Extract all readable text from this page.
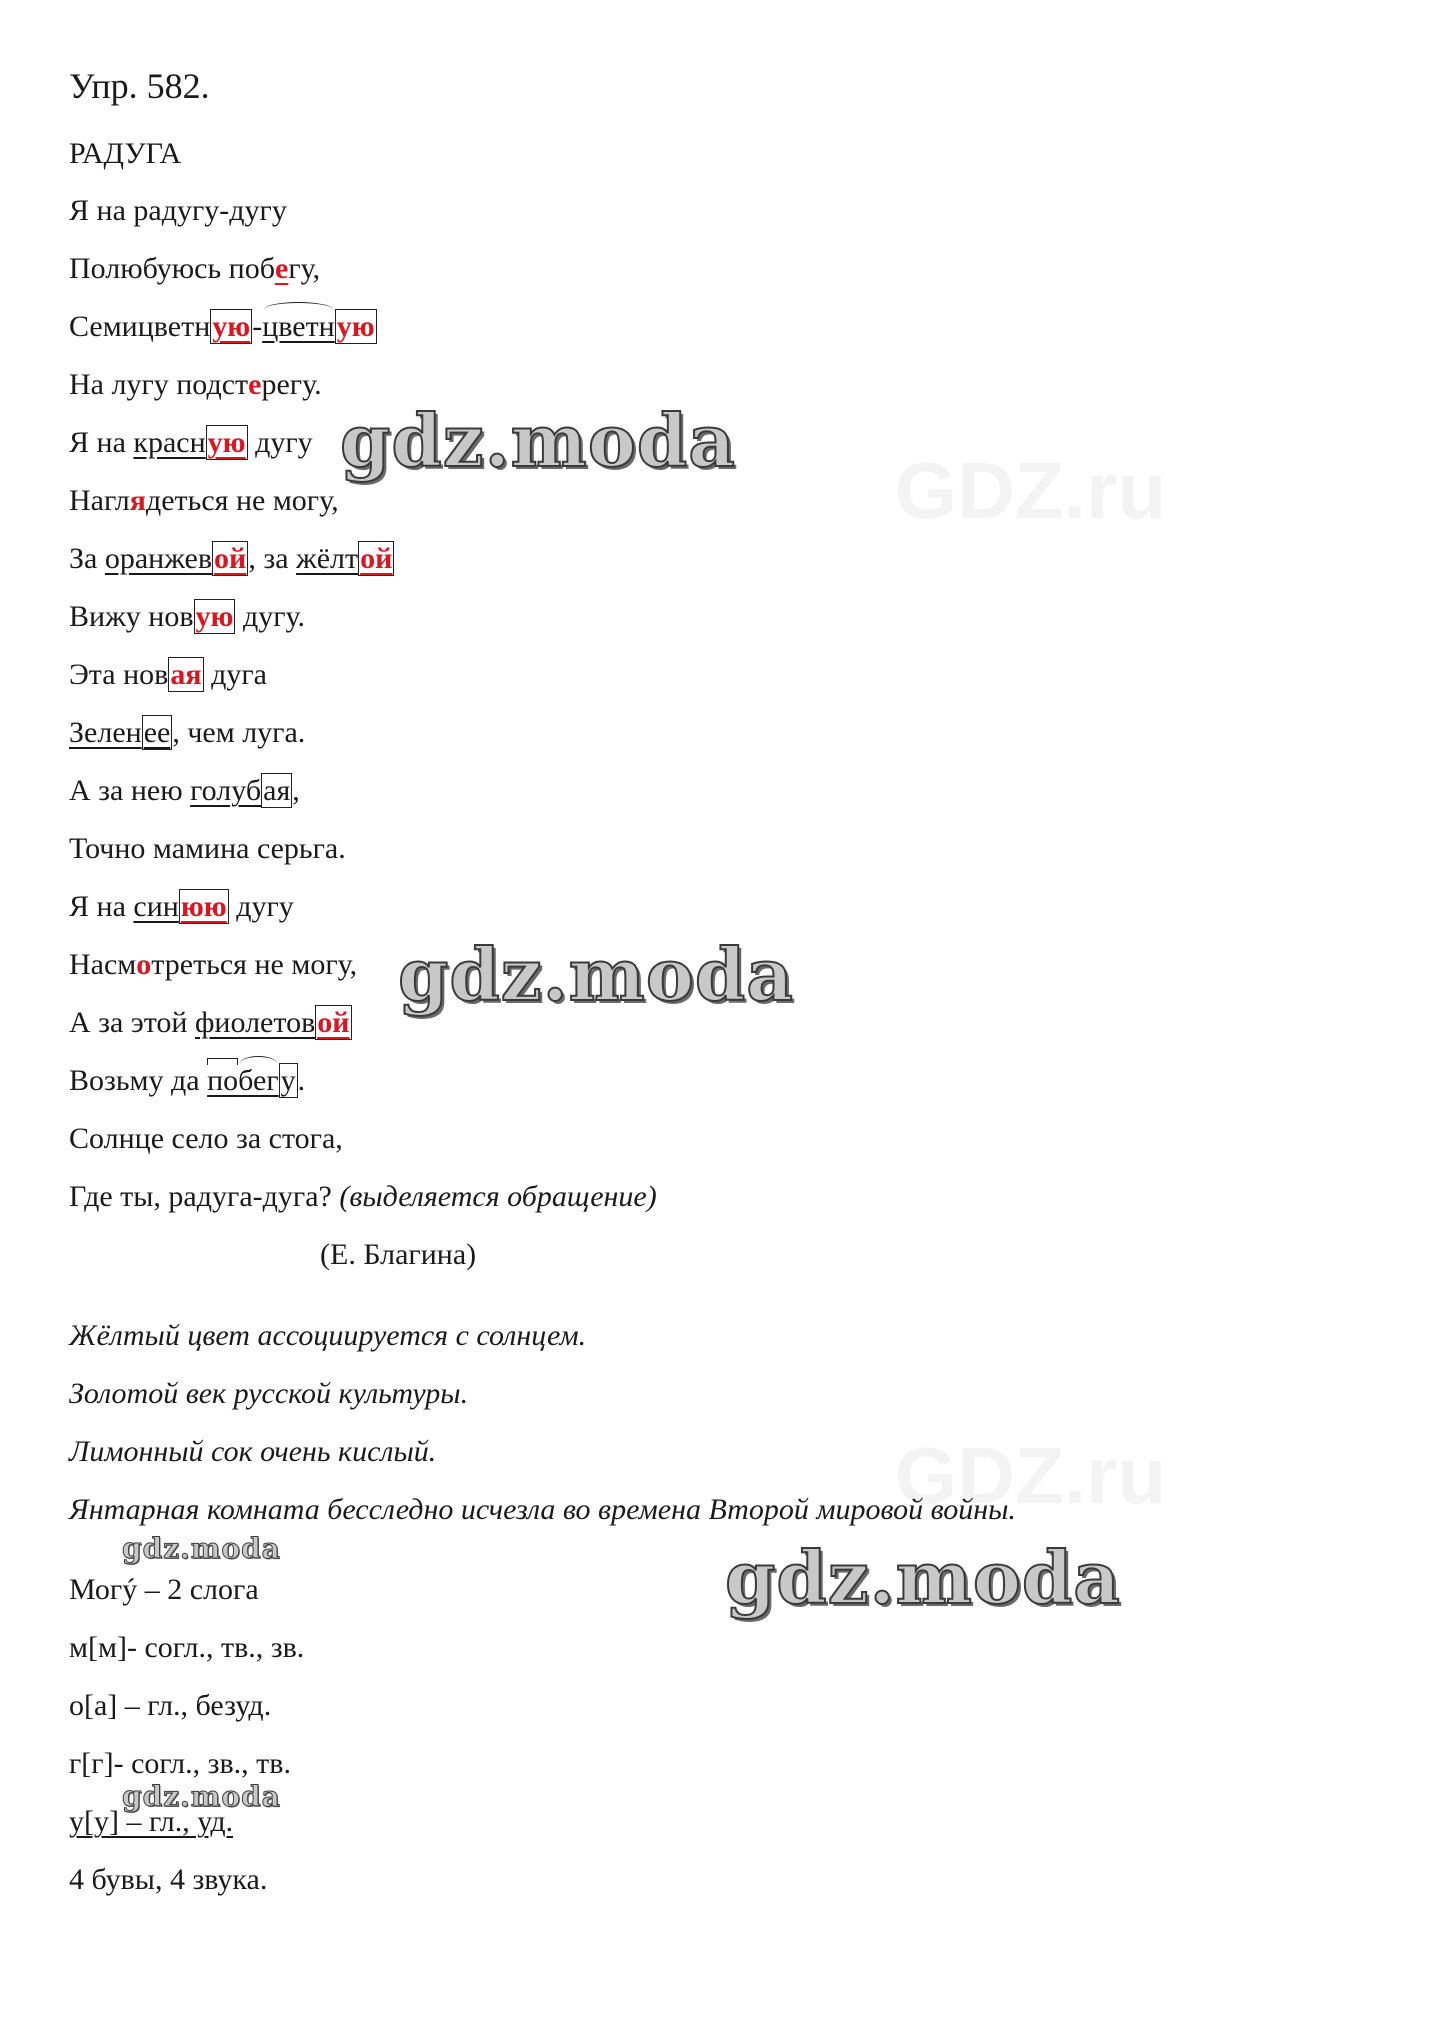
GDZ.ru
GDZ.ru

Упр. 582.

РАДУГА

Я на радугу-дугу

Полюбуюсь побегу,

Семицветную-цветную

На лугу подстерегу.

Я на красную дугу

Наглядеться не могу,

За оранжевой, за жёлтой

Вижу новую дугу.

Эта новая дуга

Зеленее, чем луга.

А за нею голубая,

Точно мамина серьга.

Я на синюю дугу

Насмотреться не могу,

А за этой фиолетовой

Возьму да побегу.

Солнце село за стога,

Где ты, радуга-дуга? (выделяется обращение)

(Е. Благина)

Жёлтый цвет ассоциируется с солнцем.

Золотой век русской культуры.

Лимонный сок очень кислый.

Янтарная комната бесследно исчезла во времена Второй мировой войны.

Могý – 2 слога

м[м]- согл., тв., зв.

о[а] – гл., безуд.

г[г]- согл., зв., тв.

у[у] – гл., уд.

4 бувы, 4 звука.

gdz.moda
gdz.moda
gdz.moda
gdz.moda
gdz.moda
